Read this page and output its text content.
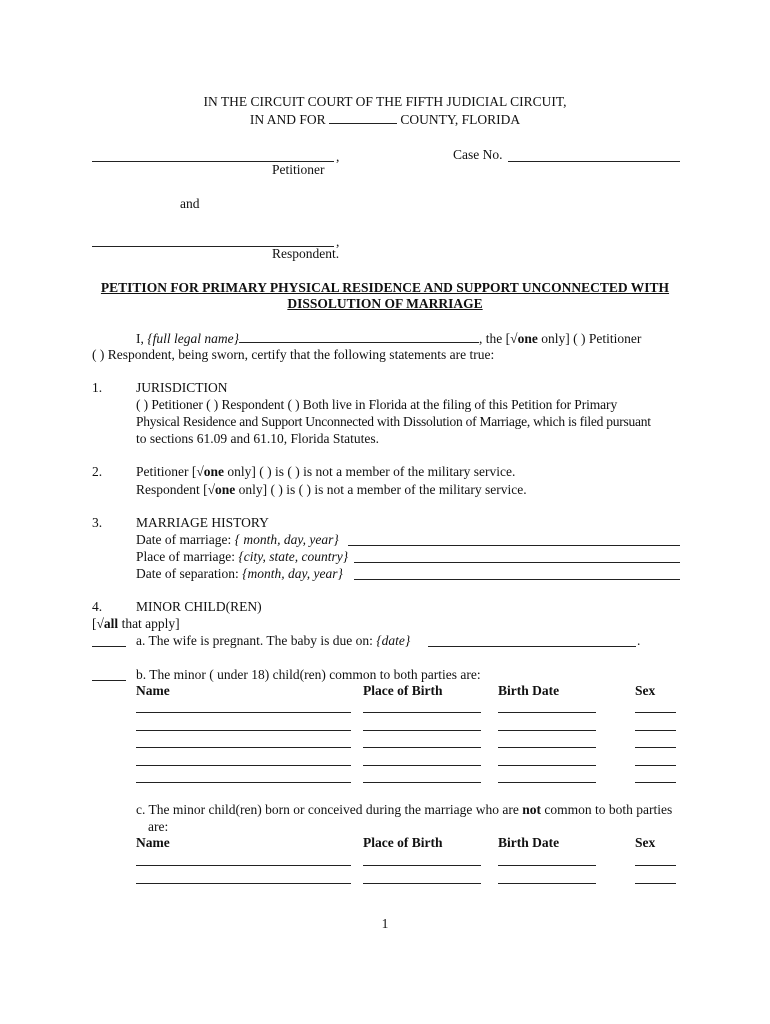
IN THE CIRCUIT COURT OF THE FIFTH JUDICIAL CIRCUIT,
IN AND FOR	COUNTY, FLORIDA
,	Case No.
Petitioner
and
,
Respondent.
PETITION FOR PRIMARY PHYSICAL RESIDENCE AND SUPPORT UNCONNECTED WITH
DISSOLUTION OF MARRIAGE
I, {full legal name}	, the [√one only] ( ) Petitioner
( ) Respondent, being sworn, certify that the following statements are true:
1.	JURISDICTION
( ) Petitioner ( ) Respondent ( ) Both live in Florida at the filing of this Petition for Primary
Physical Residence and Support Unconnected with Dissolution of Marriage, which is filed pursuant
to sections 61.09 and 61.10, Florida Statutes.
2.	Petitioner [√one only] ( ) is ( ) is not a member of the military service.
Respondent [√one only] ( ) is ( ) is not a member of the military service.
3.	MARRIAGE HISTORY
Date of marriage: { month, day, year}
Place of marriage: {city, state, country}
Date of separation: {month, day, year}
4.	MINOR CHILD(REN)
[√all that apply]
a. The wife is pregnant. The baby is due on: {date}	.
b. The minor ( under 18) child(ren) common to both parties are:
Name	Place of Birth	Birth Date	Sex
c. The minor child(ren) born or conceived during the marriage who are not common to both parties
are:
Name	Place of Birth	Birth Date	Sex
1
